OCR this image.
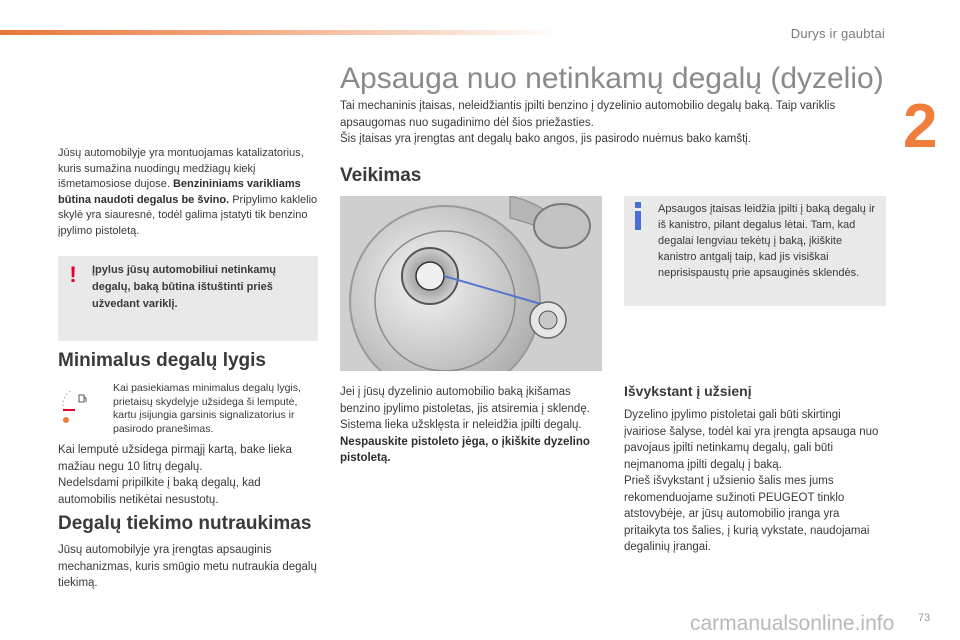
Durys ir gaubtai
2
Apsauga nuo netinkamų degalų (dyzelio)
Tai mechaninis įtaisas, neleidžiantis įpilti benzino į dyzelinio automobilio degalų baką. Taip variklis apsaugomas nuo sugadinimo dėl šios priežasties.
Šis įtaisas yra įrengtas ant degalų bako angos, jis pasirodo nuėmus bako kamštį.
Jūsų automobilyje yra montuojamas katalizatorius, kuris sumažina nuodingų medžiagų kiekį išmetamosiose dujose. Benzininiams varikliams būtina naudoti degalus be švino. Pripylimo kaklelio skylė yra siauresnė, todėl galima įstatyti tik benzino įpylimo pistoletą.
!	Įpylus jūsų automobiliui netinkamų degalų, baką būtina ištuštinti prieš užvedant variklį.
Minimalus degalų lygis
Kai pasiekiamas minimalus degalų lygis, prietaisų skydelyje užsidega ši lemputė, kartu įsijungia garsinis signalizatorius ir pasirodo pranešimas.
Kai lemputė užsidega pirmąjį kartą, bake lieka mažiau negu 10 litrų degalų.
Nedelsdami pripilkite į baką degalų, kad automobilis netikėtai nesustotų.
Degalų tiekimo nutraukimas
Jūsų automobilyje yra įrengtas apsauginis mechanizmas, kuris smūgio metu nutraukia degalų tiekimą.
Veikimas
Jei į jūsų dyzelinio automobilio baką įkišamas benzino įpylimo pistoletas, jis atsiremia į sklendę. Sistema lieka užsklęsta ir neleidžia įpilti degalų.
Nespauskite pistoleto jėga, o įkiškite dyzelino pistoletą.
Apsaugos įtaisas leidžia įpilti į baką degalų ir iš kanistro, pilant degalus lėtai. Tam, kad degalai lengviau tekėtų į baką, įkiškite kanistro antgalį taip, kad jis visiškai neprisispaustų prie apsauginės sklendės.
Išvykstant į užsienį
Dyzelino įpylimo pistoletai gali būti skirtingi įvairiose šalyse, todėl kai yra įrengta apsauga nuo pavojaus įpilti netinkamų degalų, gali būti neįmanoma įpilti degalų į baką.
Prieš išvykstant į užsienio šalis mes jums rekomenduojame sužinoti PEUGEOT tinklo atstovybėje, ar jūsų automobilio įranga yra pritaikyta tos šalies, į kurią vykstate, naudojamai degalinių įrangai.
carmanualsonline.info 73
